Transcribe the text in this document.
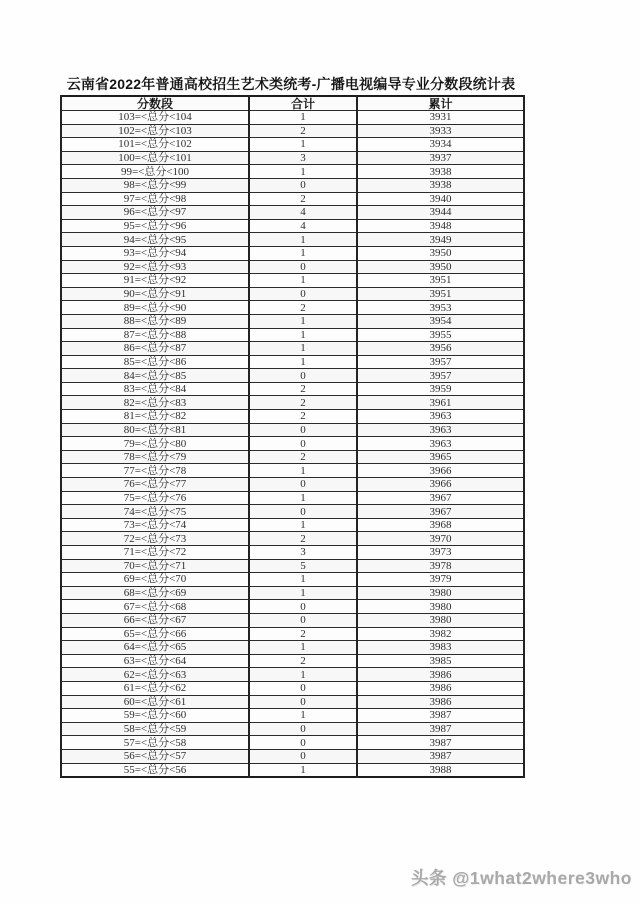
云南省2022年普通高校招生艺术类统考-广播电视编导专业分数段统计表
分数段	合计	累计
103=<总分<104	1	3931
102=<总分<103	2	3933
101=<总分<102	1	3934
100=<总分<101	3	3937
99=<总分<100	1	3938
98=<总分<99	0	3938
97=<总分<98	2	3940
96=<总分<97	4	3944
95=<总分<96	4	3948
94=<总分<95	1	3949
93=<总分<94	1	3950
92=<总分<93	0	3950
91=<总分<92	1	3951
90=<总分<91	0	3951
89=<总分<90	2	3953
88=<总分<89	1	3954
87=<总分<88	1	3955
86=<总分<87	1	3956
85=<总分<86	1	3957
84=<总分<85	0	3957
83=<总分<84	2	3959
82=<总分<83	2	3961
81=<总分<82	2	3963
80=<总分<81	0	3963
79=<总分<80	0	3963
78=<总分<79	2	3965
77=<总分<78	1	3966
76=<总分<77	0	3966
75=<总分<76	1	3967
74=<总分<75	0	3967
73=<总分<74	1	3968
72=<总分<73	2	3970
71=<总分<72	3	3973
70=<总分<71	5	3978
69=<总分<70	1	3979
68=<总分<69	1	3980
67=<总分<68	0	3980
66=<总分<67	0	3980
65=<总分<66	2	3982
64=<总分<65	1	3983
63=<总分<64	2	3985
62=<总分<63	1	3986
61=<总分<62	0	3986
60=<总分<61	0	3986
59=<总分<60	1	3987
58=<总分<59	0	3987
57=<总分<58	0	3987
56=<总分<57	0	3987
55=<总分<56	1	3988
头条 @1what2where3who
